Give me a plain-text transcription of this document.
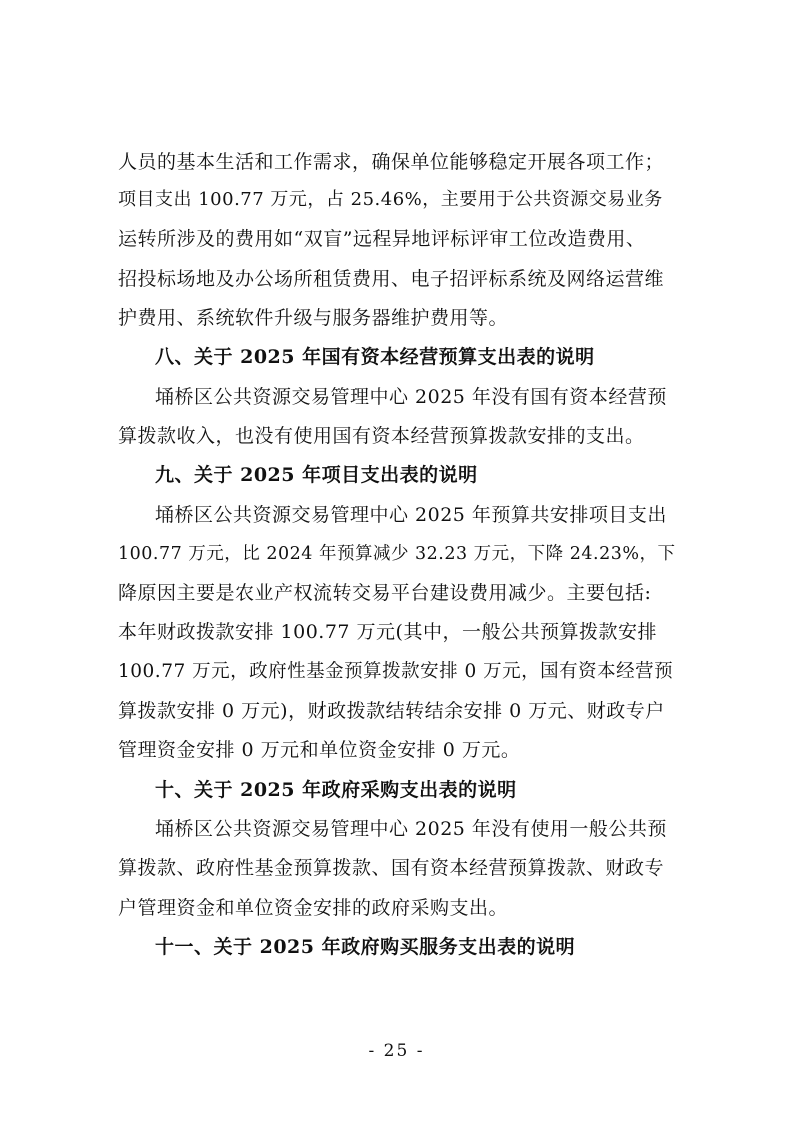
人员的基本生活和工作需求，确保单位能够稳定开展各项工作；
项目支出 100.77 万元，占 25.46%，主要用于公共资源交易业务
运转所涉及的费用如“双盲”远程异地评标评审工位改造费用、
招投标场地及办公场所租赁费用、电子招评标系统及网络运营维
护费用、系统软件升级与服务器维护费用等。
八、关于 2025 年国有资本经营预算支出表的说明
埇桥区公共资源交易管理中心 2025 年没有国有资本经营预
算拨款收入，也没有使用国有资本经营预算拨款安排的支出。
九、关于 2025 年项目支出表的说明
埇桥区公共资源交易管理中心 2025 年预算共安排项目支出
100.77 万元，比 2024 年预算减少 32.23 万元，下降 24.23%，下
降原因主要是农业产权流转交易平台建设费用减少。主要包括:
本年财政拨款安排 100.77 万元(其中，一般公共预算拨款安排
100.77 万元，政府性基金预算拨款安排 0 万元，国有资本经营预
算拨款安排 0 万元)，财政拨款结转结余安排 0 万元、财政专户
管理资金安排 0 万元和单位资金安排 0 万元。
十、关于 2025 年政府采购支出表的说明
埇桥区公共资源交易管理中心 2025 年没有使用一般公共预
算拨款、政府性基金预算拨款、国有资本经营预算拨款、财政专
户管理资金和单位资金安排的政府采购支出。
十一、关于 2025 年政府购买服务支出表的说明
- 25 -
